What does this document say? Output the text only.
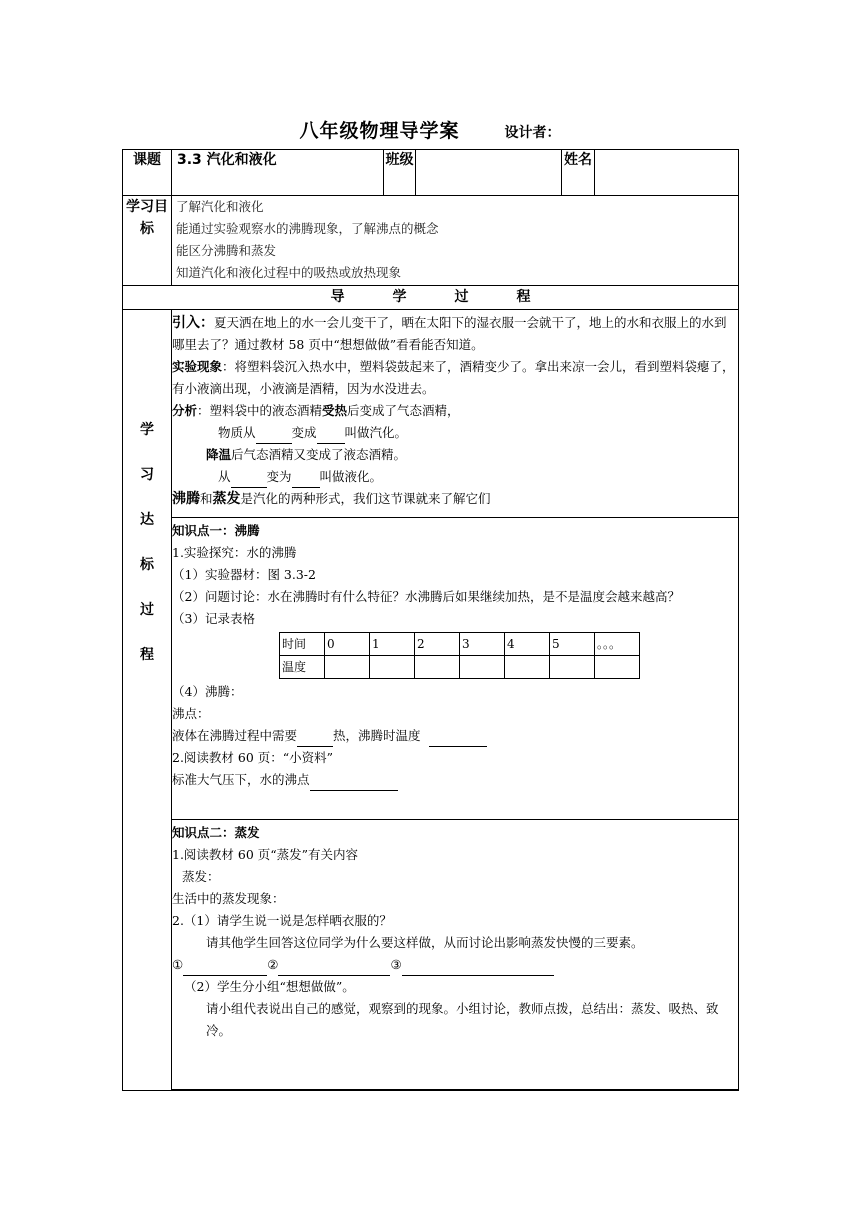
八年级物理导学案	设计者：
课题	3.3 汽化和液化	班级		姓名	
学习目标	
了解汽化和液化
能通过实验观察水的沸腾现象，了解沸点的概念
能区分沸腾和蒸发
知道汽化和液化过程中的吸热或放热现象

导	学	过	程

学
习
达
标
过
程

引入：夏天洒在地上的水一会儿变干了，晒在太阳下的湿衣服一会就干了，地上的水和衣服上的水到哪里去了？通过教材 58 页中“想想做做”看看能否知道。
实验现象：将塑料袋沉入热水中，塑料袋鼓起来了，酒精变少了。拿出来凉一会儿，看到塑料袋瘪了，有小液滴出现，小液滴是酒精，因为水没进去。
分析：塑料袋中的液态酒精受热后变成了气态酒精，
物质从	变成 叫做汽化。
降温后气态酒精又变成了液态酒精。
从	变为 叫做液化。
沸腾和蒸发是汽化的两种形式，我们这节课就来了解它们

知识点一：沸腾
1.实验探究：水的沸腾
（1）实验器材：图 3.3-2
（2）问题讨论：水在沸腾时有什么特征？水沸腾后如果继续加热，是不是温度会越来越高？
（3）记录表格
时间	0	1	2	3	4	5	。。。
温度							
（4）沸腾：
沸点：
液体在沸腾过程中需要	热，沸腾时温度
2.阅读教材 60 页：“小资料”
标准大气压下，水的沸点

知识点二：蒸发
1.阅读教材 60 页“蒸发”有关内容
蒸发：
生活中的蒸发现象：
2.（1）请学生说一说是怎样晒衣服的？
请其他学生回答这位同学为什么要这样做，从而讨论出影响蒸发快慢的三要素。
①	②	③
（2）学生分小组“想想做做”。
请小组代表说出自己的感觉，观察到的现象。小组讨论，教师点拨，总结出：蒸发、吸热、致冷。
